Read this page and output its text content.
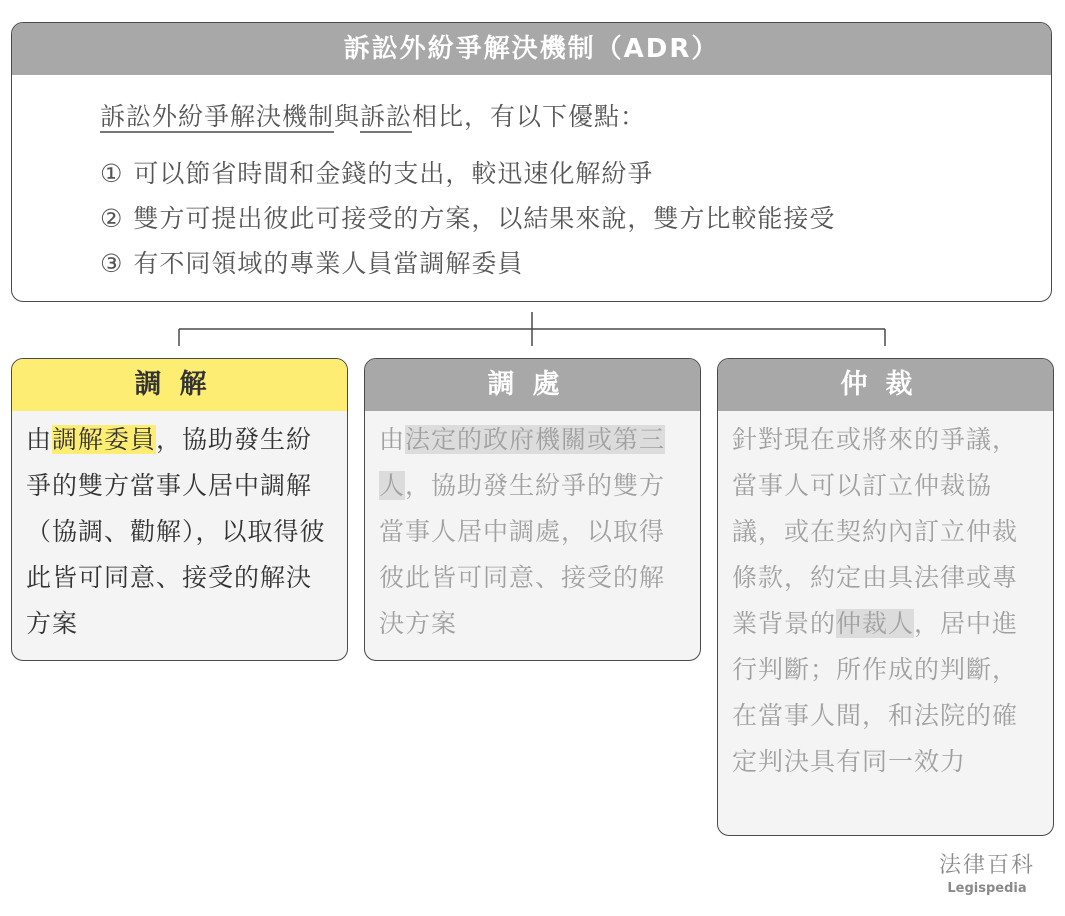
訴訟外紛爭解決機制（ADR）
訴訟外紛爭解決機制與訴訟相比，有以下優點：
① 可以節省時間和金錢的支出，較迅速化解紛爭
② 雙方可提出彼此可接受的方案，以結果來說，雙方比較能接受
③ 有不同領域的專業人員當調解委員
調解
由調解委員，協助發生紛爭的雙方當事人居中調解（協調、勸解），以取得彼此皆可同意、接受的解決方案
調處
由法定的政府機關或第三人，協助發生紛爭的雙方當事人居中調處，以取得彼此皆可同意、接受的解決方案
仲裁
針對現在或將來的爭議，當事人可以訂立仲裁協議，或在契約內訂立仲裁條款，約定由具法律或專業背景的仲裁人，居中進行判斷；所作成的判斷，在當事人間，和法院的確定判決具有同一效力
法律百科
Legispedia
